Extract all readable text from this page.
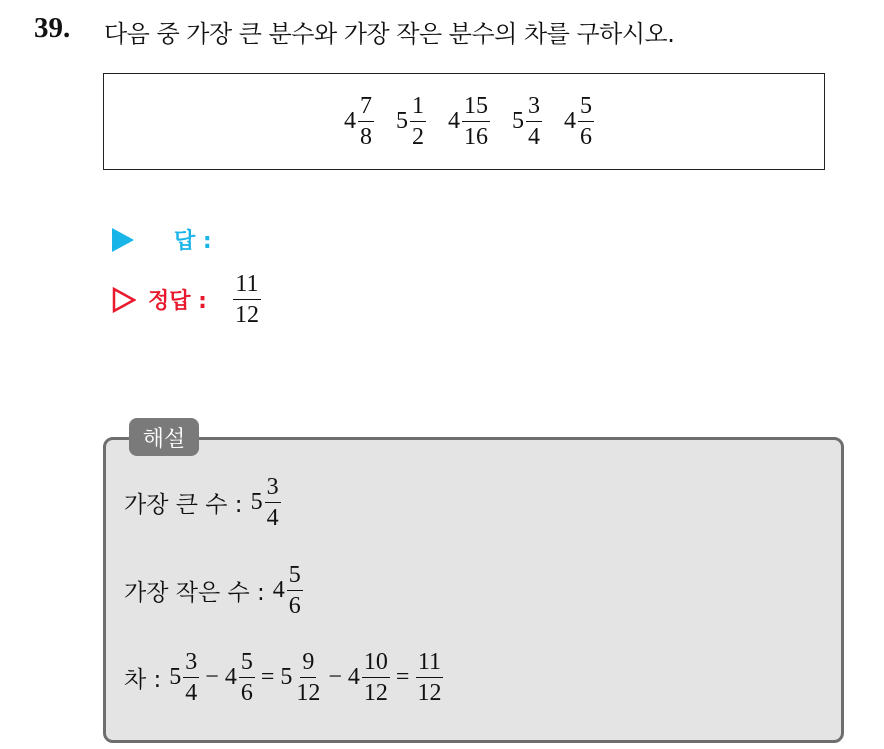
39. 다음 중 가장 큰 분수와 가장 작은 분수의 차를 구하시오.
$4 \frac{7}{8} 5 \frac{1}{2} 4 \frac{15}{16} 5 \frac{3}{4} 4 \frac{5}{6}$
답 :
정답 : $\frac{11}{12}$
해설
가장 큰 수 : $5 \frac{3}{4}$
가장 작은 수 : $4 \frac{5}{6}$
차 : $5 \frac{3}{4} - 4 \frac{5}{6} = 5 \frac{9}{12} - 4 \frac{10}{12} = \frac{11}{12}$
